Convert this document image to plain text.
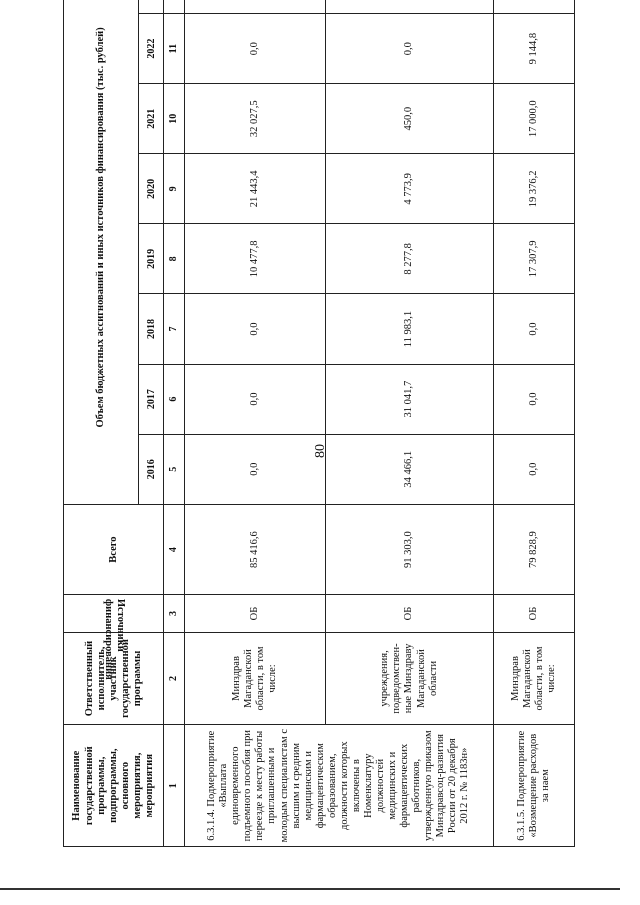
80
Наименование государственной программы, подпрограммы, основного мероприятия, мероприятия	Ответственный исполнитель, участник государственной программы	Источники финансирования	Всего	Объем бюджетных ассигнований и иных источников финансирования (тыс. рублей)							
				2016	2017	2018	2019	2020	2021	2022	
1	2	3	4	5	6	7	8	9	10	11	
6.3.1.4. Подмероприятие «Выплата единовременного подъемного пособия при переезде к месту работы приглашенным и молодым специалистам с высшим и средним медицинским и фармацевтическим образованием, должности которых включены в Номенклатуру должностей медицинских и фармацевтических работников, утвержденную приказом Минздравсоц-развития России от 20 декабря 2012 г. № 1183н»	Минздрав Магаданской области, в том числе:	ОБ	85 416,6	0,0	0,0	0,0	10 477,8	21 443,4	32 027,5	0,0	
	учреждения, подведомствен-ные Минздраву Магаданской области	ОБ	91 303,0	34 466,1	31 041,7	11 983,1	8 277,8	4 773,9	450,0	0,0	
6.3.1.5. Подмероприятие «Возмещение расходов за наем	Минздрав Магаданской области, в том числе:	ОБ	79 828,9	0,0	0,0	0,0	17 307,9	19 376,2	17 000,0	9 144,8	
